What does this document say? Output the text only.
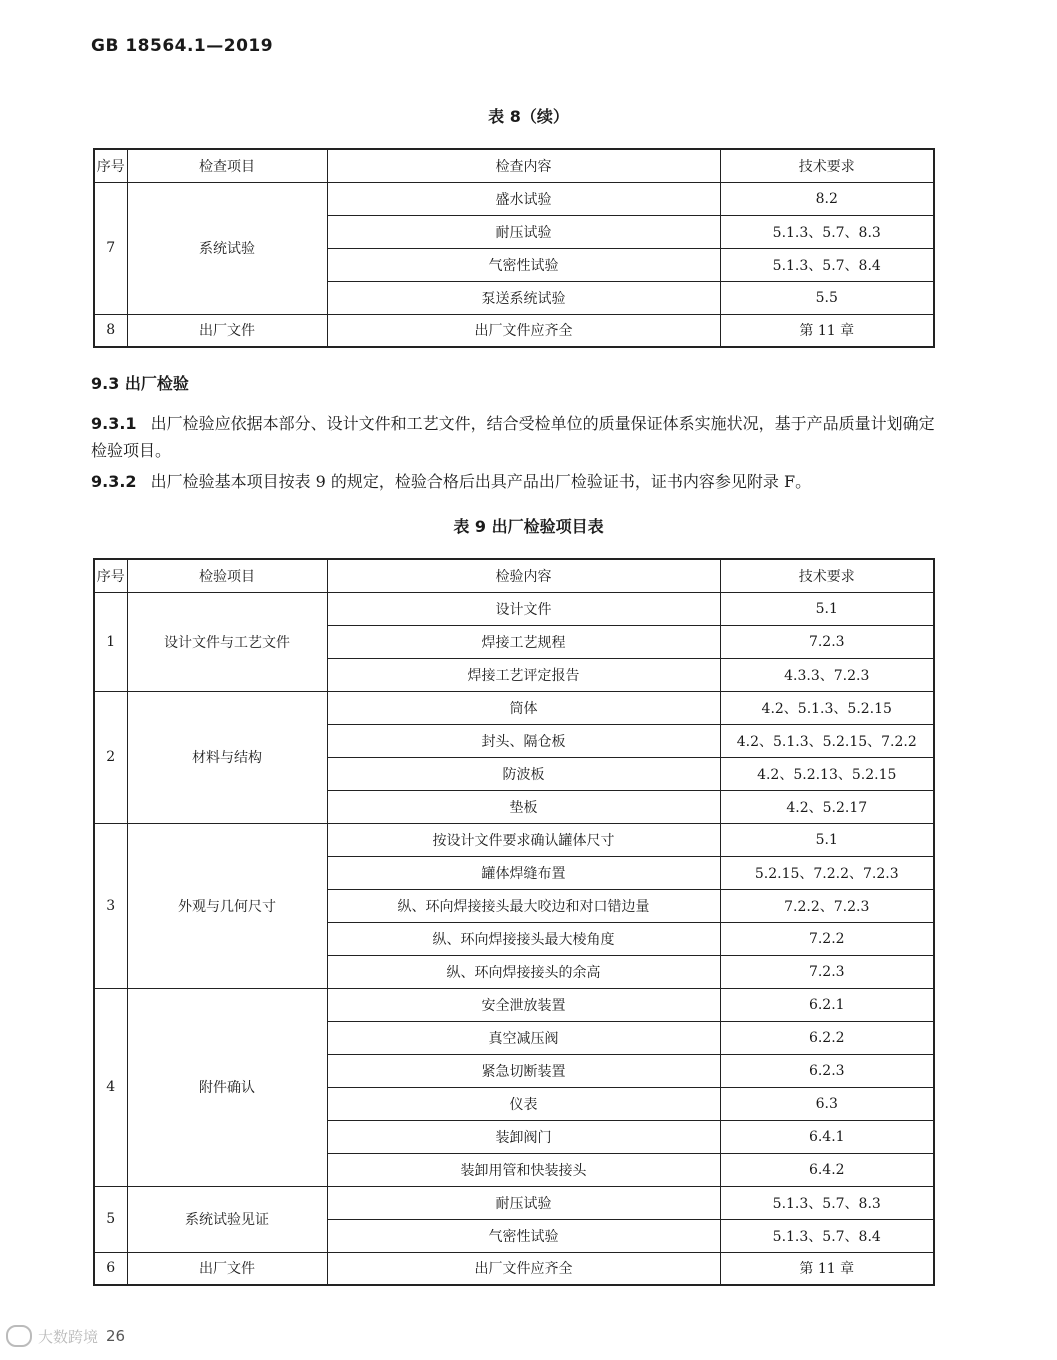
GB 18564.1—2019
表 8（续）
序号	检查项目	检查内容	技术要求
7	系统试验	盛水试验	8.2
		耐压试验	5.1.3、5.7、8.3
		气密性试验	5.1.3、5.7、8.4
		泵送系统试验	5.5
8	出厂文件	出厂文件应齐全	第 11 章
9.3 出厂检验
9.3.1 出厂检验应依据本部分、设计文件和工艺文件，结合受检单位的质量保证体系实施状况，基于产品质量计划确定检验项目。
9.3.2 出厂检验基本项目按表 9 的规定，检验合格后出具产品出厂检验证书，证书内容参见附录 F。
表 9 出厂检验项目表
序号	检验项目	检验内容	技术要求
1	设计文件与工艺文件	设计文件	5.1
		焊接工艺规程	7.2.3
		焊接工艺评定报告	4.3.3、7.2.3
2	材料与结构	筒体	4.2、5.1.3、5.2.15
		封头、隔仓板	4.2、5.1.3、5.2.15、7.2.2
		防波板	4.2、5.2.13、5.2.15
		垫板	4.2、5.2.17
3	外观与几何尺寸	按设计文件要求确认罐体尺寸	5.1
		罐体焊缝布置	5.2.15、7.2.2、7.2.3
		纵、环向焊接接头最大咬边和对口错边量	7.2.2、7.2.3
		纵、环向焊接接头最大棱角度	7.2.2
		纵、环向焊接接头的余高	7.2.3
4	附件确认	安全泄放装置	6.2.1
		真空减压阀	6.2.2
		紧急切断装置	6.2.3
		仪表	6.3
		装卸阀门	6.4.1
		装卸用管和快装接头	6.4.2
5	系统试验见证	耐压试验	5.1.3、5.7、8.3
		气密性试验	5.1.3、5.7、8.4
6	出厂文件	出厂文件应齐全	第 11 章
大数跨境 26
